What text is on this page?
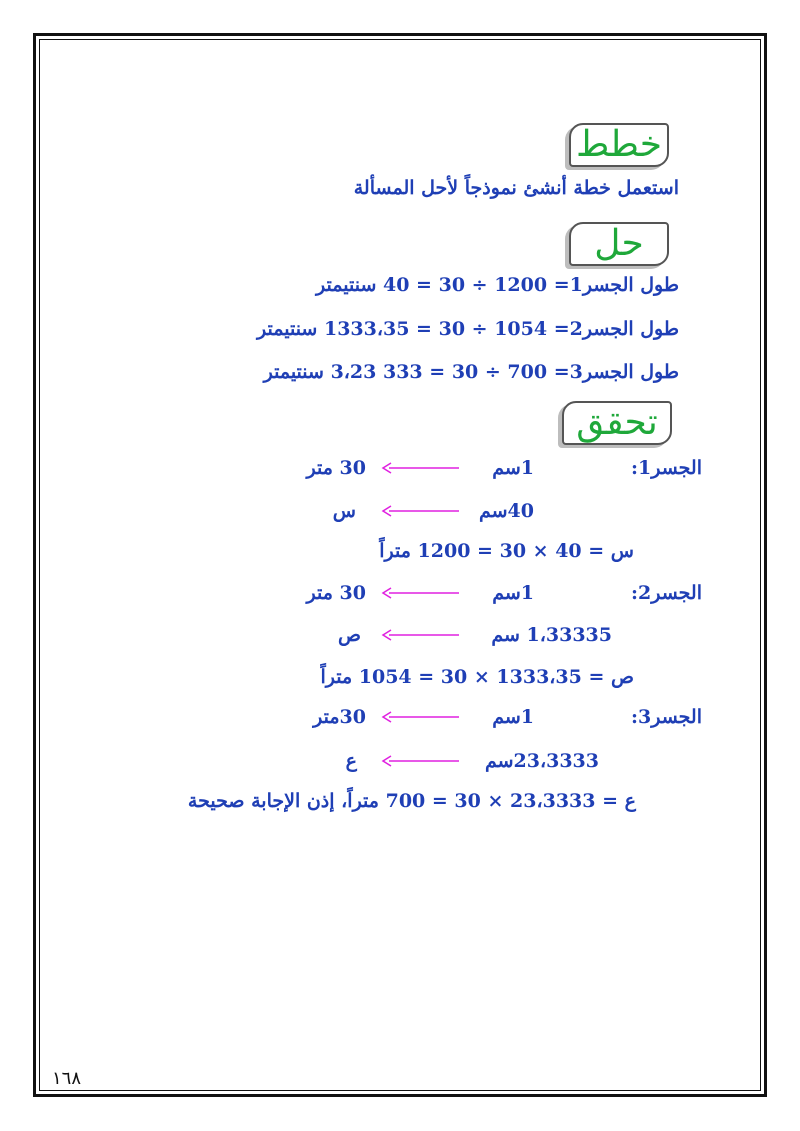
خطط
استعمل خطة أنشئ نموذجاً لأحل المسألة
حل
طول الجسر1= 1200 ÷ 30 = 40 سنتيمتر
طول الجسر2= 1054 ÷ 30 = 1333،35 سنتيمتر
طول الجسر3= 700 ÷ 30 = 333 3،23 سنتيمتر
تحقق
الجسر1:
1سم
30 متر
40سم
س
س = 40 × 30 = 1200 متراً
الجسر2:
1سم
30 متر
1،33335 سم
ص
ص = 1333،35 × 30 = 1054 متراً
الجسر3:
1سم
30متر
23،3333سم
ع
ع = 23،3333 × 30 = 700 متراً، إذن الإجابة صحيحة
١٦٨
